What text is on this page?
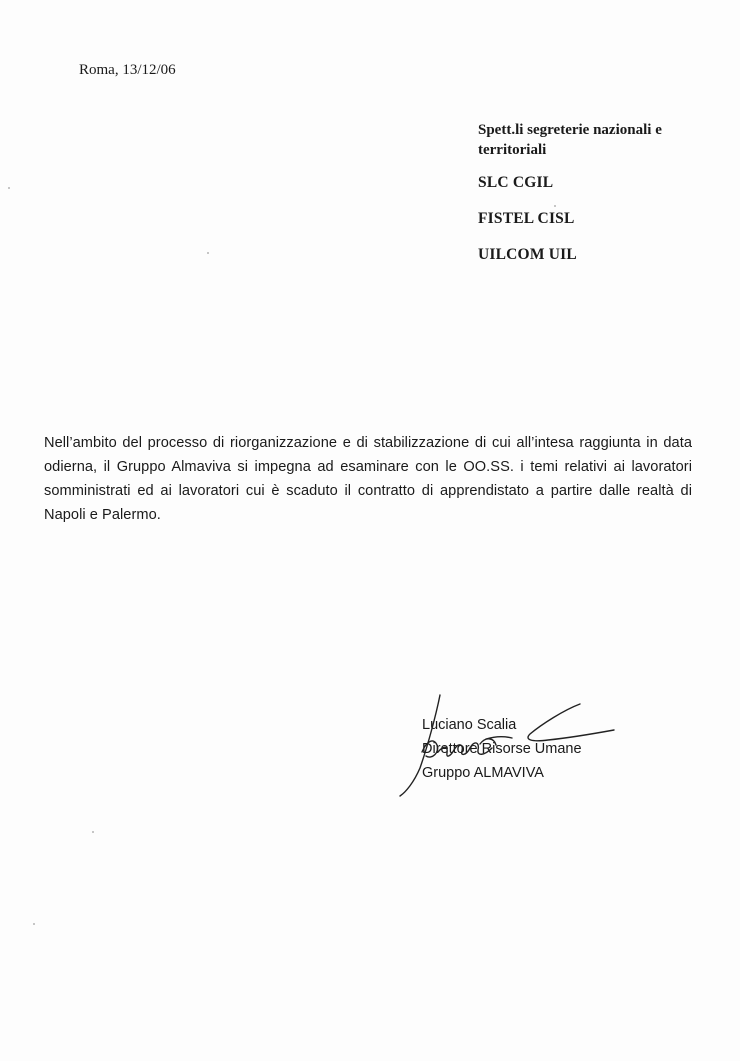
Roma, 13/12/06
Spett.li segreterie nazionali e
territoriali
SLC CGIL
FISTEL CISL
UILCOM UIL
Nell’ambito del processo di riorganizzazione e di stabilizzazione di cui all’intesa raggiunta in data odierna, il Gruppo Almaviva si impegna ad esaminare con le OO.SS. i temi relativi ai lavoratori somministrati ed ai lavoratori cui è scaduto il contratto di apprendistato a partire dalle realtà di Napoli e Palermo.
Luciano Scalia
Direttore Risorse Umane
Gruppo ALMAVIVA
